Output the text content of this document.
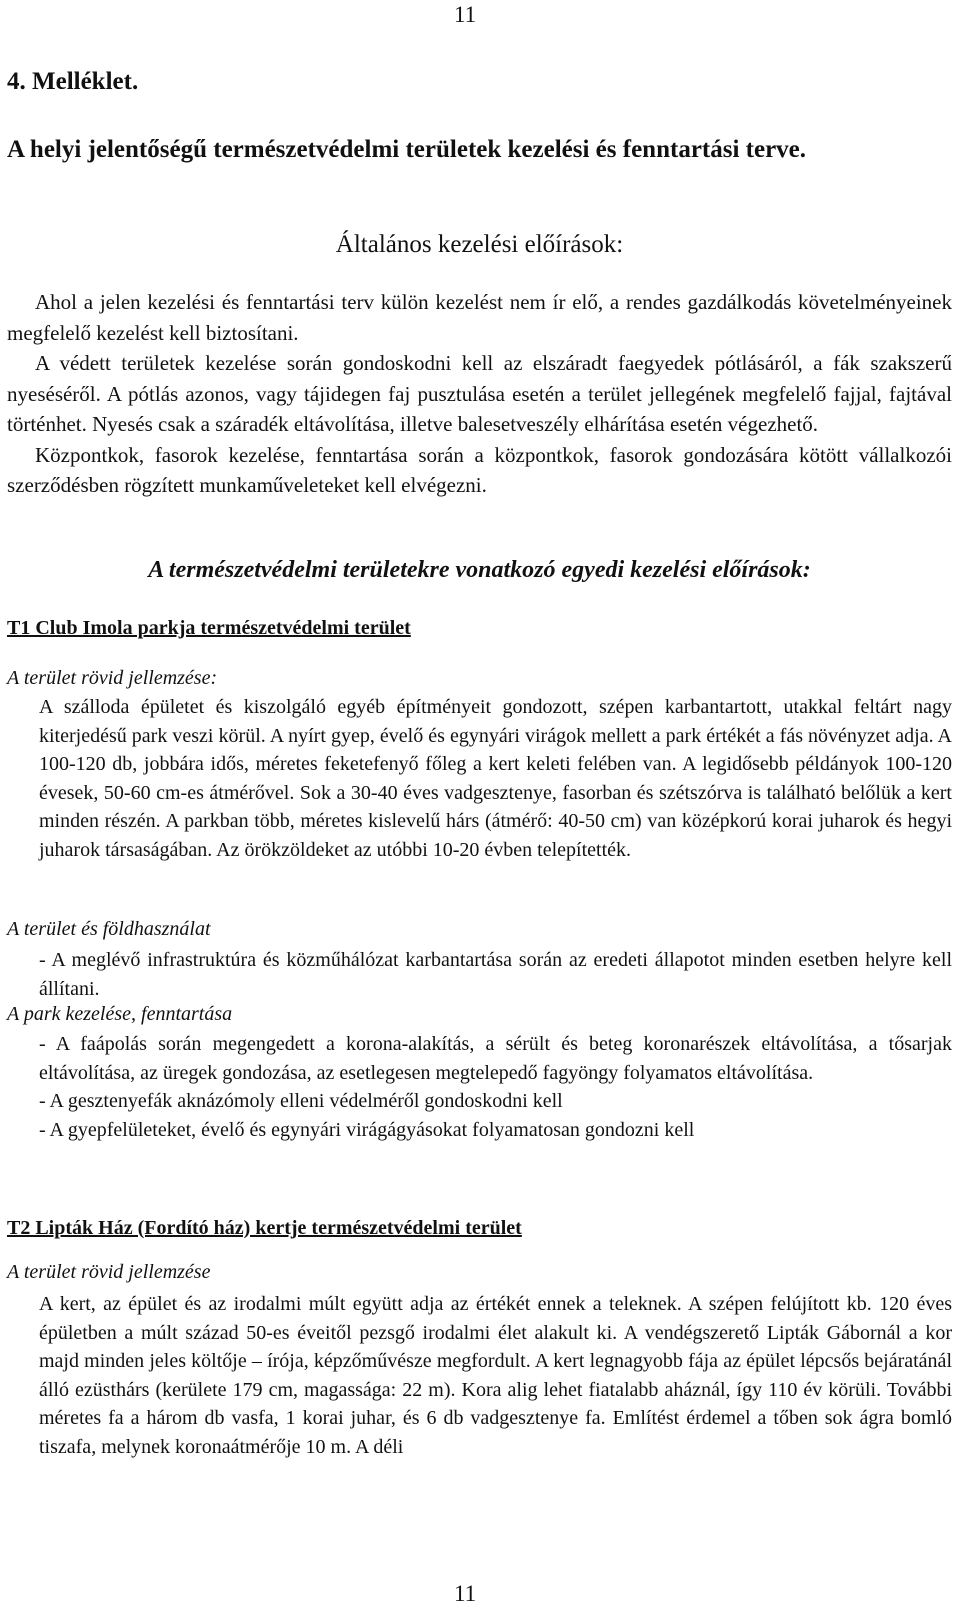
11
4. Melléklet.
A helyi jelentőségű természetvédelmi területek kezelési és fenntartási terve.
Általános kezelési előírások:

Ahol a jelen kezelési és fenntartási terv külön kezelést nem ír elő, a rendes gazdálkodás követelményeinek megfelelő kezelést kell biztosítani.

A védett területek kezelése során gondoskodni kell az elszáradt faegyedek pótlásáról, a fák szakszerű nyeséséről. A pótlás azonos, vagy tájidegen faj pusztulása esetén a terület jellegének megfelelő fajjal, fajtával történhet. Nyesés csak a száradék eltávolítása, illetve balesetveszély elhárítása esetén végezhető.

Központkok, fasorok kezelése, fenntartása során a központkok, fasorok gondozására kötött vállalkozói szerződésben rögzített munkaműveleteket kell elvégezni.

A természetvédelmi területekre vonatkozó egyedi kezelési előírások:
T1 Club Imola parkja természetvédelmi terület
A terület rövid jellemzése:

A szálloda épületet és kiszolgáló egyéb építményeit gondozott, szépen karbantartott, utakkal feltárt nagy kiterjedésű park veszi körül. A nyírt gyep, évelő és egynyári virágok mellett a park értékét a fás növényzet adja. A 100-120 db, jobbára idős, méretes feketefenyő főleg a kert keleti felében van. A legidősebb példányok 100-120 évesek, 50-60 cm-es átmérővel. Sok a 30-40 éves vadgesztenye, fasorban és szétszórva is található belőlük a kert minden részén. A parkban több, méretes kislevelű hárs (átmérő: 40-50 cm) van középkorú korai juharok és hegyi juharok társaságában. Az örökzöldeket az utóbbi 10-20 évben telepítették.

A terület és földhasználat

- A meglévő infrastruktúra és közműhálózat karbantartása során az eredeti állapotot minden esetben helyre kell állítani.

A park kezelése, fenntartása

- A faápolás során megengedett a korona-alakítás, a sérült és beteg koronarészek eltávolítása, a tősarjak eltávolítása, az üregek gondozása, az esetlegesen megtelepedő fagyöngy folyamatos eltávolítása.

- A gesztenyefák aknázómoly elleni védelméről gondoskodni kell

- A gyepfelületeket, évelő és egynyári virágágyásokat folyamatosan gondozni kell

T2 Lipták Ház (Fordító ház) kertje természetvédelmi terület
A terület rövid jellemzése

A kert, az épület és az irodalmi múlt együtt adja az értékét ennek a teleknek. A szépen felújított kb. 120 éves épületben a múlt század 50-es éveitől pezsgő irodalmi élet alakult ki. A vendégszerető Lipták Gábornál a kor majd minden jeles költője – írója, képzőművésze megfordult. A kert legnagyobb fája az épület lépcsős bejáratánál álló ezüsthárs (kerülete 179 cm, magassága: 22 m). Kora alig lehet fiatalabb aháznál, így 110 év körüli. További méretes fa a három db vasfa, 1 korai juhar, és 6 db vadgesztenye fa. Említést érdemel a tőben sok ágra bomló tiszafa, melynek koronaátmérője 10 m. A déli

11
